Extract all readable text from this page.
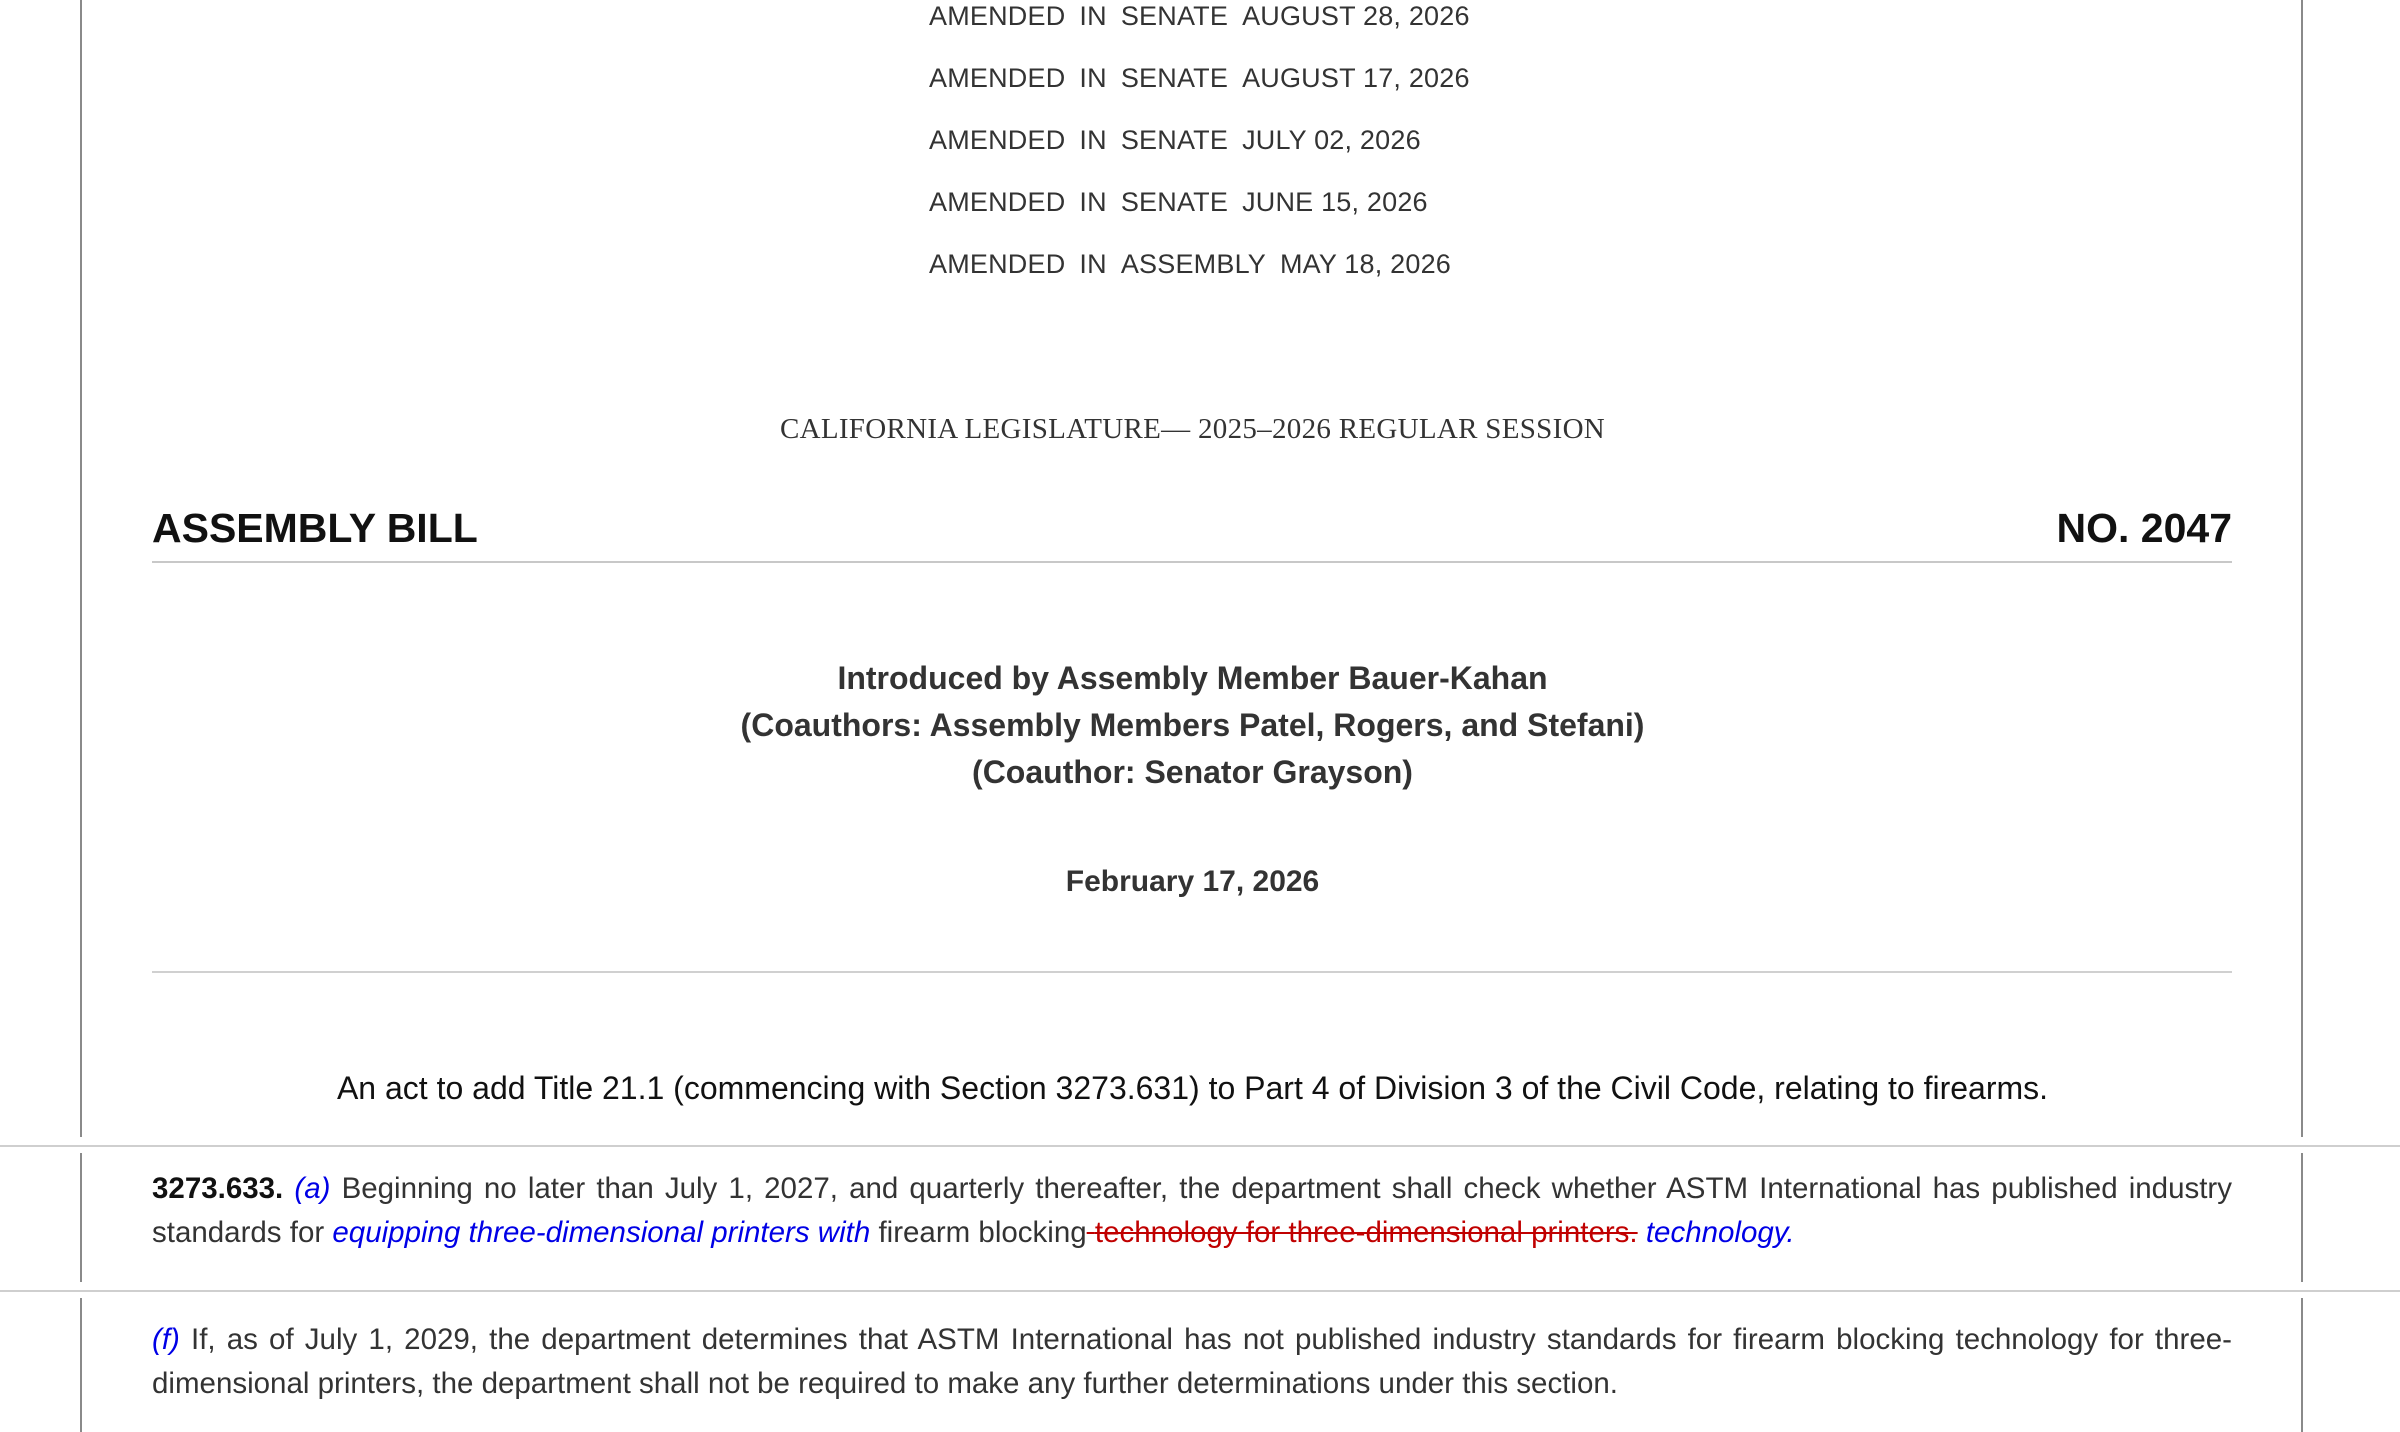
AMENDED IN SENATE AUGUST 28, 2026
AMENDED IN SENATE AUGUST 17, 2026
AMENDED IN SENATE JULY 02, 2026
AMENDED IN SENATE JUNE 15, 2026
AMENDED IN ASSEMBLY MAY 18, 2026
CALIFORNIA LEGISLATURE— 2025–2026 REGULAR SESSION
ASSEMBLY BILL	NO. 2047
Introduced by Assembly Member Bauer-Kahan
(Coauthors: Assembly Members Patel, Rogers, and Stefani)
(Coauthor: Senator Grayson)
February 17, 2026
An act to add Title 21.1 (commencing with Section 3273.631) to Part 4 of Division 3 of the Civil Code, relating to firearms.
3273.633. (a) Beginning no later than July 1, 2027, and quarterly thereafter, the department shall check whether ASTM International has published industry standards for equipping three-dimensional printers with firearm blocking technology for three-dimensional printers. technology.
(f) If, as of July 1, 2029, the department determines that ASTM International has not published industry standards for firearm blocking technology for three-dimensional printers, the department shall not be required to make any further determinations under this section.
